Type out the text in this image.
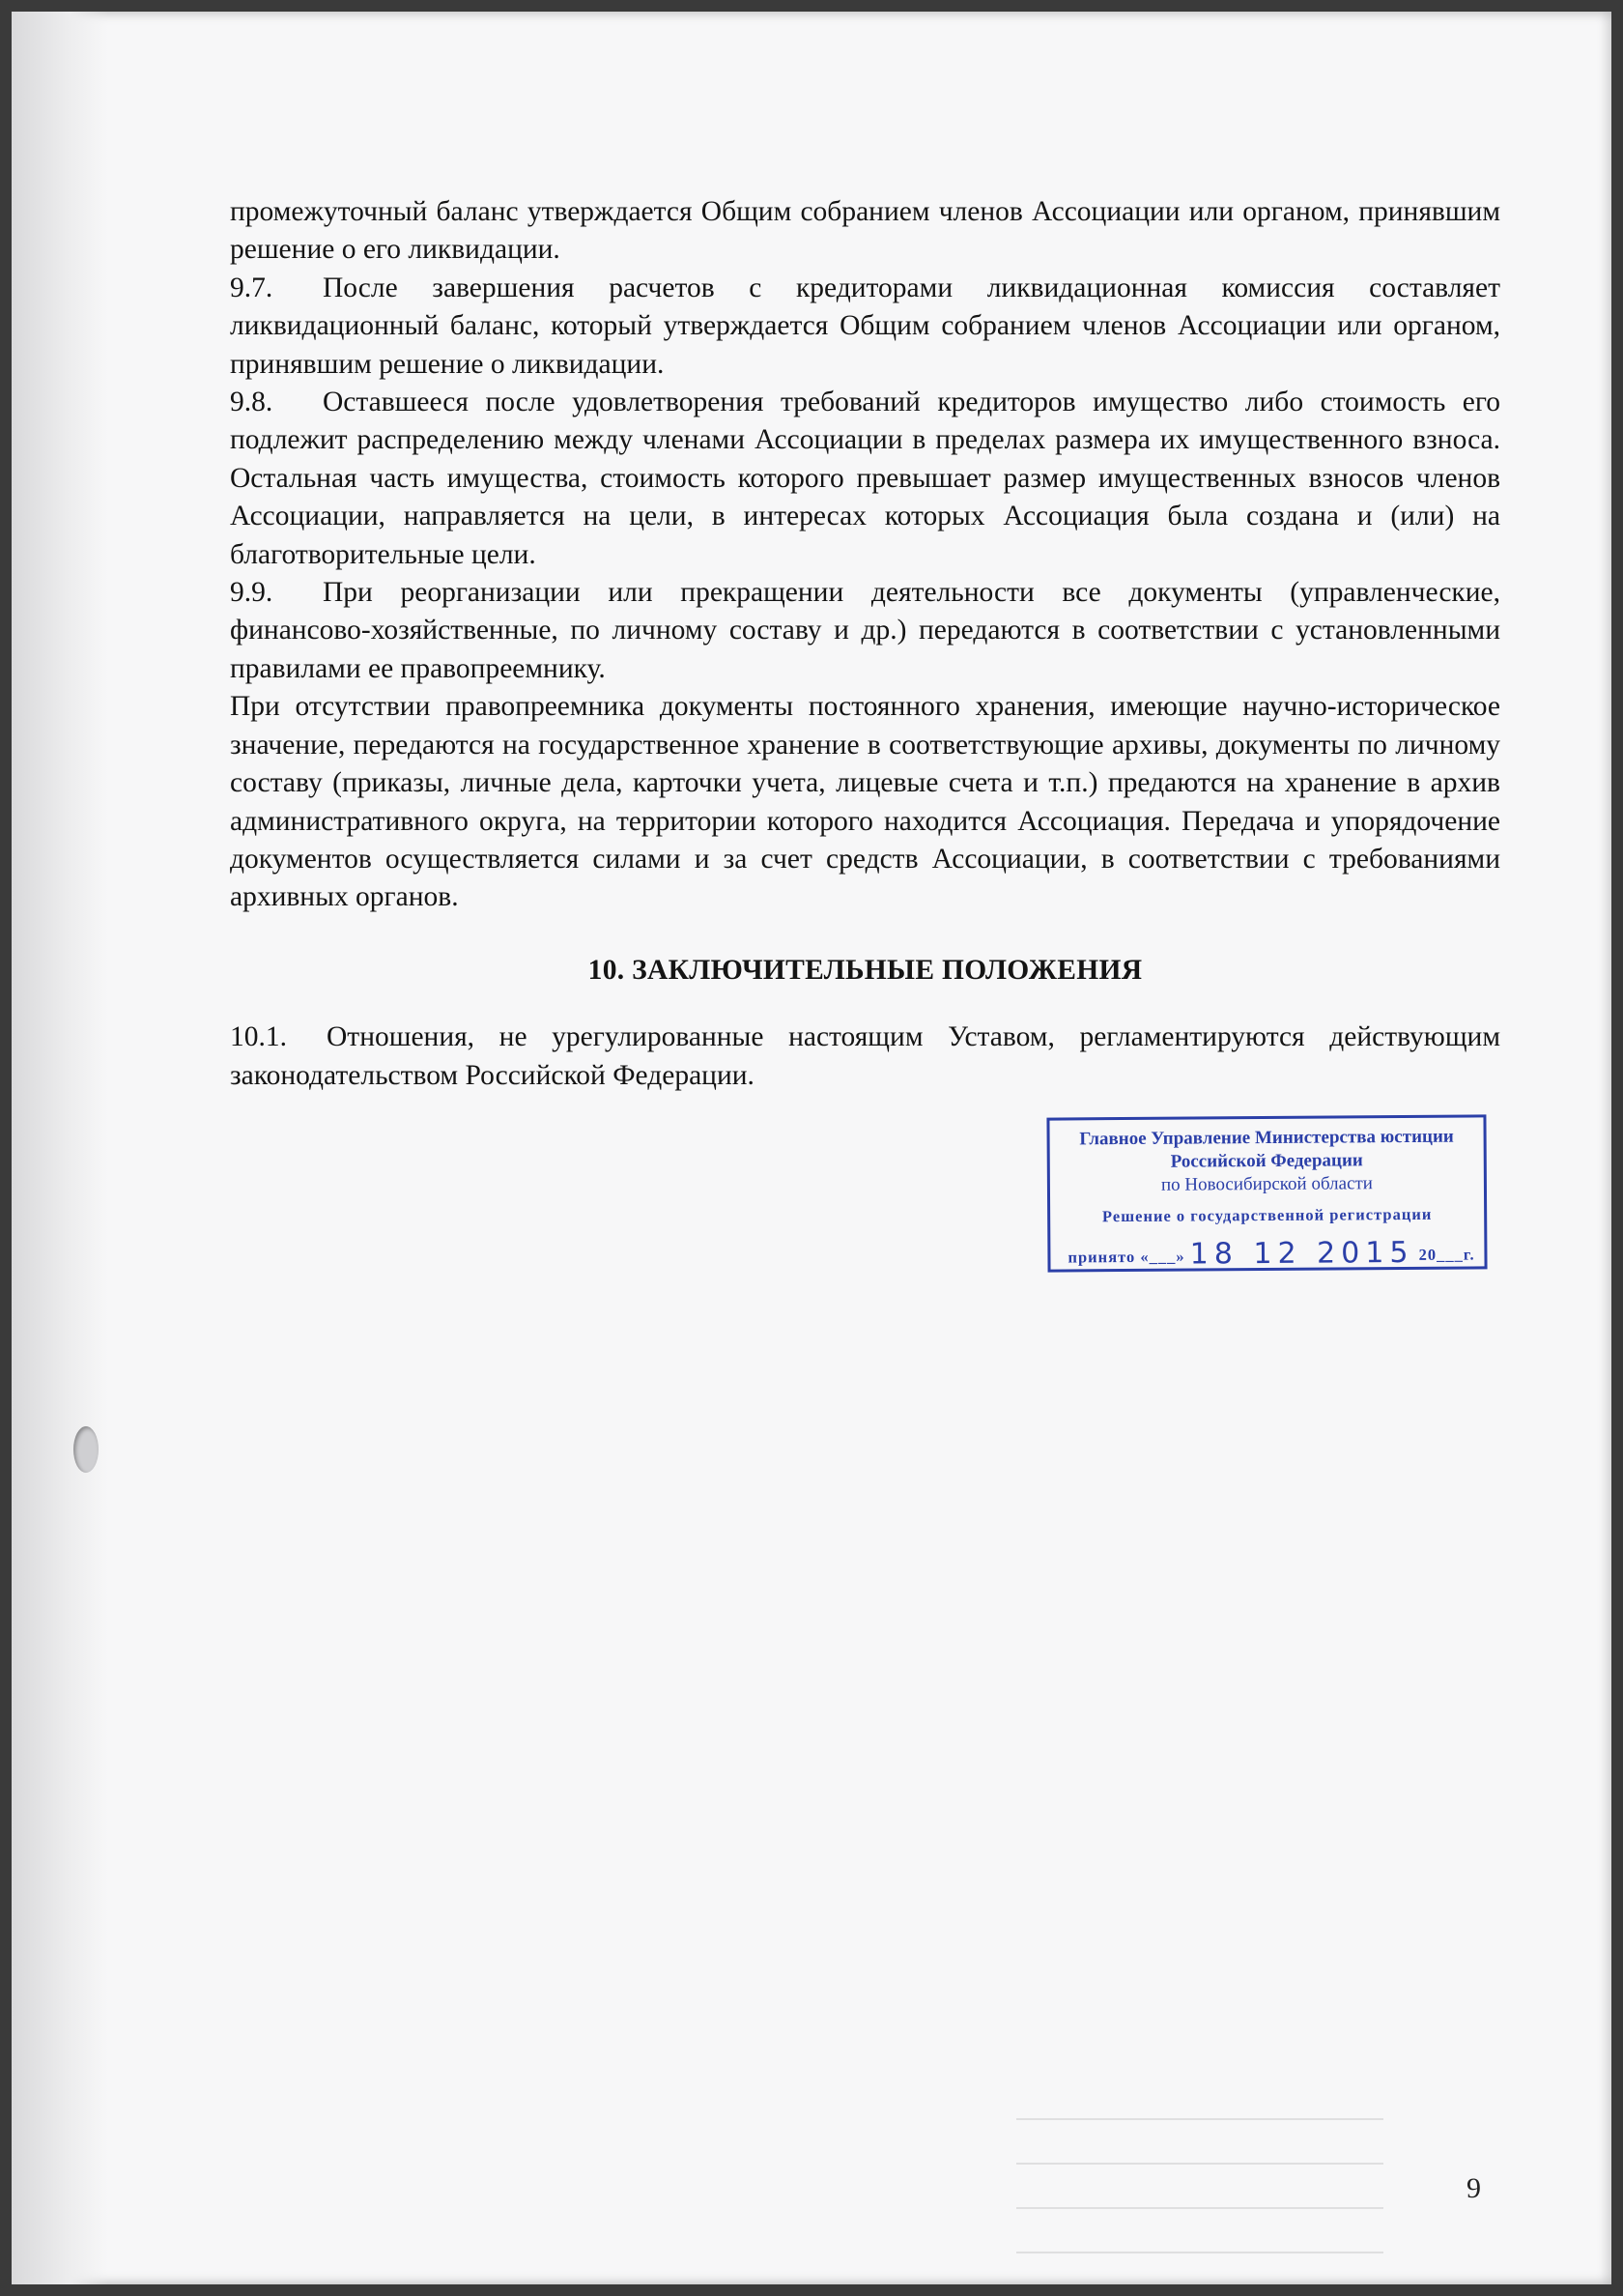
промежуточный баланс утверждается Общим собранием членов Ассоциации или органом, принявшим решение о его ликвидации.

9.7. После завершения расчетов с кредиторами ликвидационная комиссия составляет ликвидационный баланс, который утверждается Общим собранием членов Ассоциации или органом, принявшим решение о ликвидации.

9.8. Оставшееся после удовлетворения требований кредиторов имущество либо стоимость его подлежит распределению между членами Ассоциации в пределах размера их имущественного взноса. Остальная часть имущества, стоимость которого превышает размер имущественных взносов членов Ассоциации, направляется на цели, в интересах которых Ассоциация была создана и (или) на благотворительные цели.

9.9. При реорганизации или прекращении деятельности все документы (управленческие, финансово-хозяйственные, по личному составу и др.) передаются в соответствии с установленными правилами ее правопреемнику.

При отсутствии правопреемника документы постоянного хранения, имеющие научно-историческое значение, передаются на государственное хранение в соответствующие архивы, документы по личному составу (приказы, личные дела, карточки учета, лицевые счета и т.п.) предаются на хранение в архив административного округа, на территории которого находится Ассоциация. Передача и упорядочение документов осуществляется силами и за счет средств Ассоциации, в соответствии с требованиями архивных органов.

10. ЗАКЛЮЧИТЕЛЬНЫЕ ПОЛОЖЕНИЯ

10.1. Отношения, не урегулированные настоящим Уставом, регламентируются действующим законодательством Российской Федерации.

Главное Управление Министерства юстиции
Российской Федерации
по Новосибирской области
Решение о государственной регистрации
принято «___» 18 12 2015 20___г.
9
